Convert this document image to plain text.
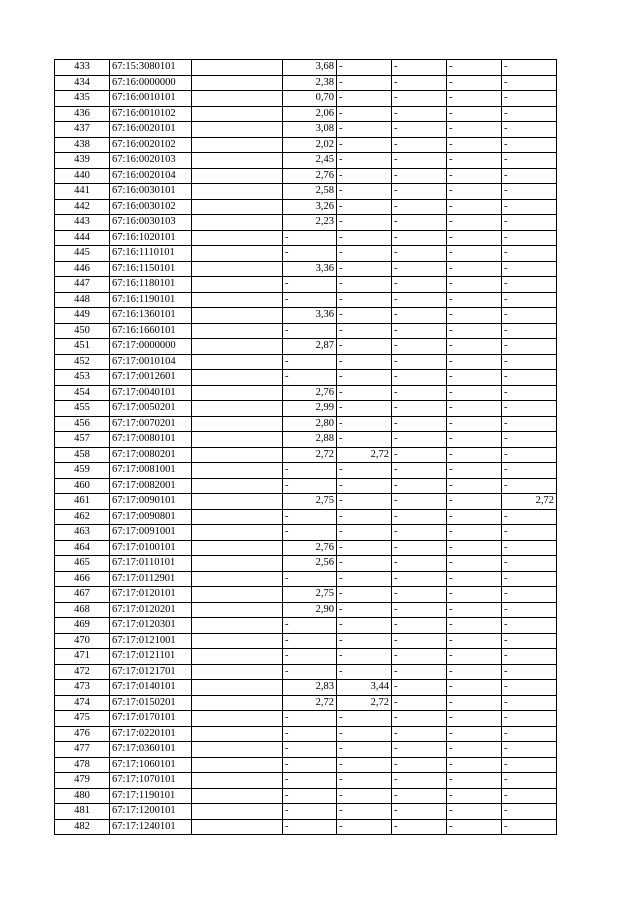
433	67:15:3080101		3,68	-	-	-	-
434	67:16:0000000		2,38	-	-	-	-
435	67:16:0010101		0,70	-	-	-	-
436	67:16:0010102		2,06	-	-	-	-
437	67:16:0020101		3,08	-	-	-	-
438	67:16:0020102		2,02	-	-	-	-
439	67:16:0020103		2,45	-	-	-	-
440	67:16:0020104		2,76	-	-	-	-
441	67:16:0030101		2,58	-	-	-	-
442	67:16:0030102		3,26	-	-	-	-
443	67:16:0030103		2,23	-	-	-	-
444	67:16:1020101		-	-	-	-	-
445	67:16:1110101		-	-	-	-	-
446	67:16:1150101		3,36	-	-	-	-
447	67:16:1180101		-	-	-	-	-
448	67:16:1190101		-	-	-	-	-
449	67:16:1360101		3,36	-	-	-	-
450	67:16:1660101		-	-	-	-	-
451	67:17:0000000		2,87	-	-	-	-
452	67:17:0010104		-	-	-	-	-
453	67:17:0012601		-	-	-	-	-
454	67:17:0040101		2,76	-	-	-	-
455	67:17:0050201		2,99	-	-	-	-
456	67:17:0070201		2,80	-	-	-	-
457	67:17:0080101		2,88	-	-	-	-
458	67:17:0080201		2,72	2,72	-	-	-
459	67:17:0081001		-	-	-	-	-
460	67:17:0082001		-	-	-	-	-
461	67:17:0090101		2,75	-	-	-	2,72
462	67:17:0090801		-	-	-	-	-
463	67:17:0091001		-	-	-	-	-
464	67:17:0100101		2,76	-	-	-	-
465	67:17:0110101		2,56	-	-	-	-
466	67:17:0112901		-	-	-	-	-
467	67:17:0120101		2,75	-	-	-	-
468	67:17:0120201		2,90	-	-	-	-
469	67:17:0120301		-	-	-	-	-
470	67:17:0121001		-	-	-	-	-
471	67:17:0121101		-	-	-	-	-
472	67:17:0121701		-	-	-	-	-
473	67:17:0140101		2,83	3,44	-	-	-
474	67:17:0150201		2,72	2,72	-	-	-
475	67:17:0170101		-	-	-	-	-
476	67:17:0220101		-	-	-	-	-
477	67:17:0360101		-	-	-	-	-
478	67:17:1060101		-	-	-	-	-
479	67:17:1070101		-	-	-	-	-
480	67:17:1190101		-	-	-	-	-
481	67:17:1200101		-	-	-	-	-
482	67:17:1240101		-	-	-	-	-
